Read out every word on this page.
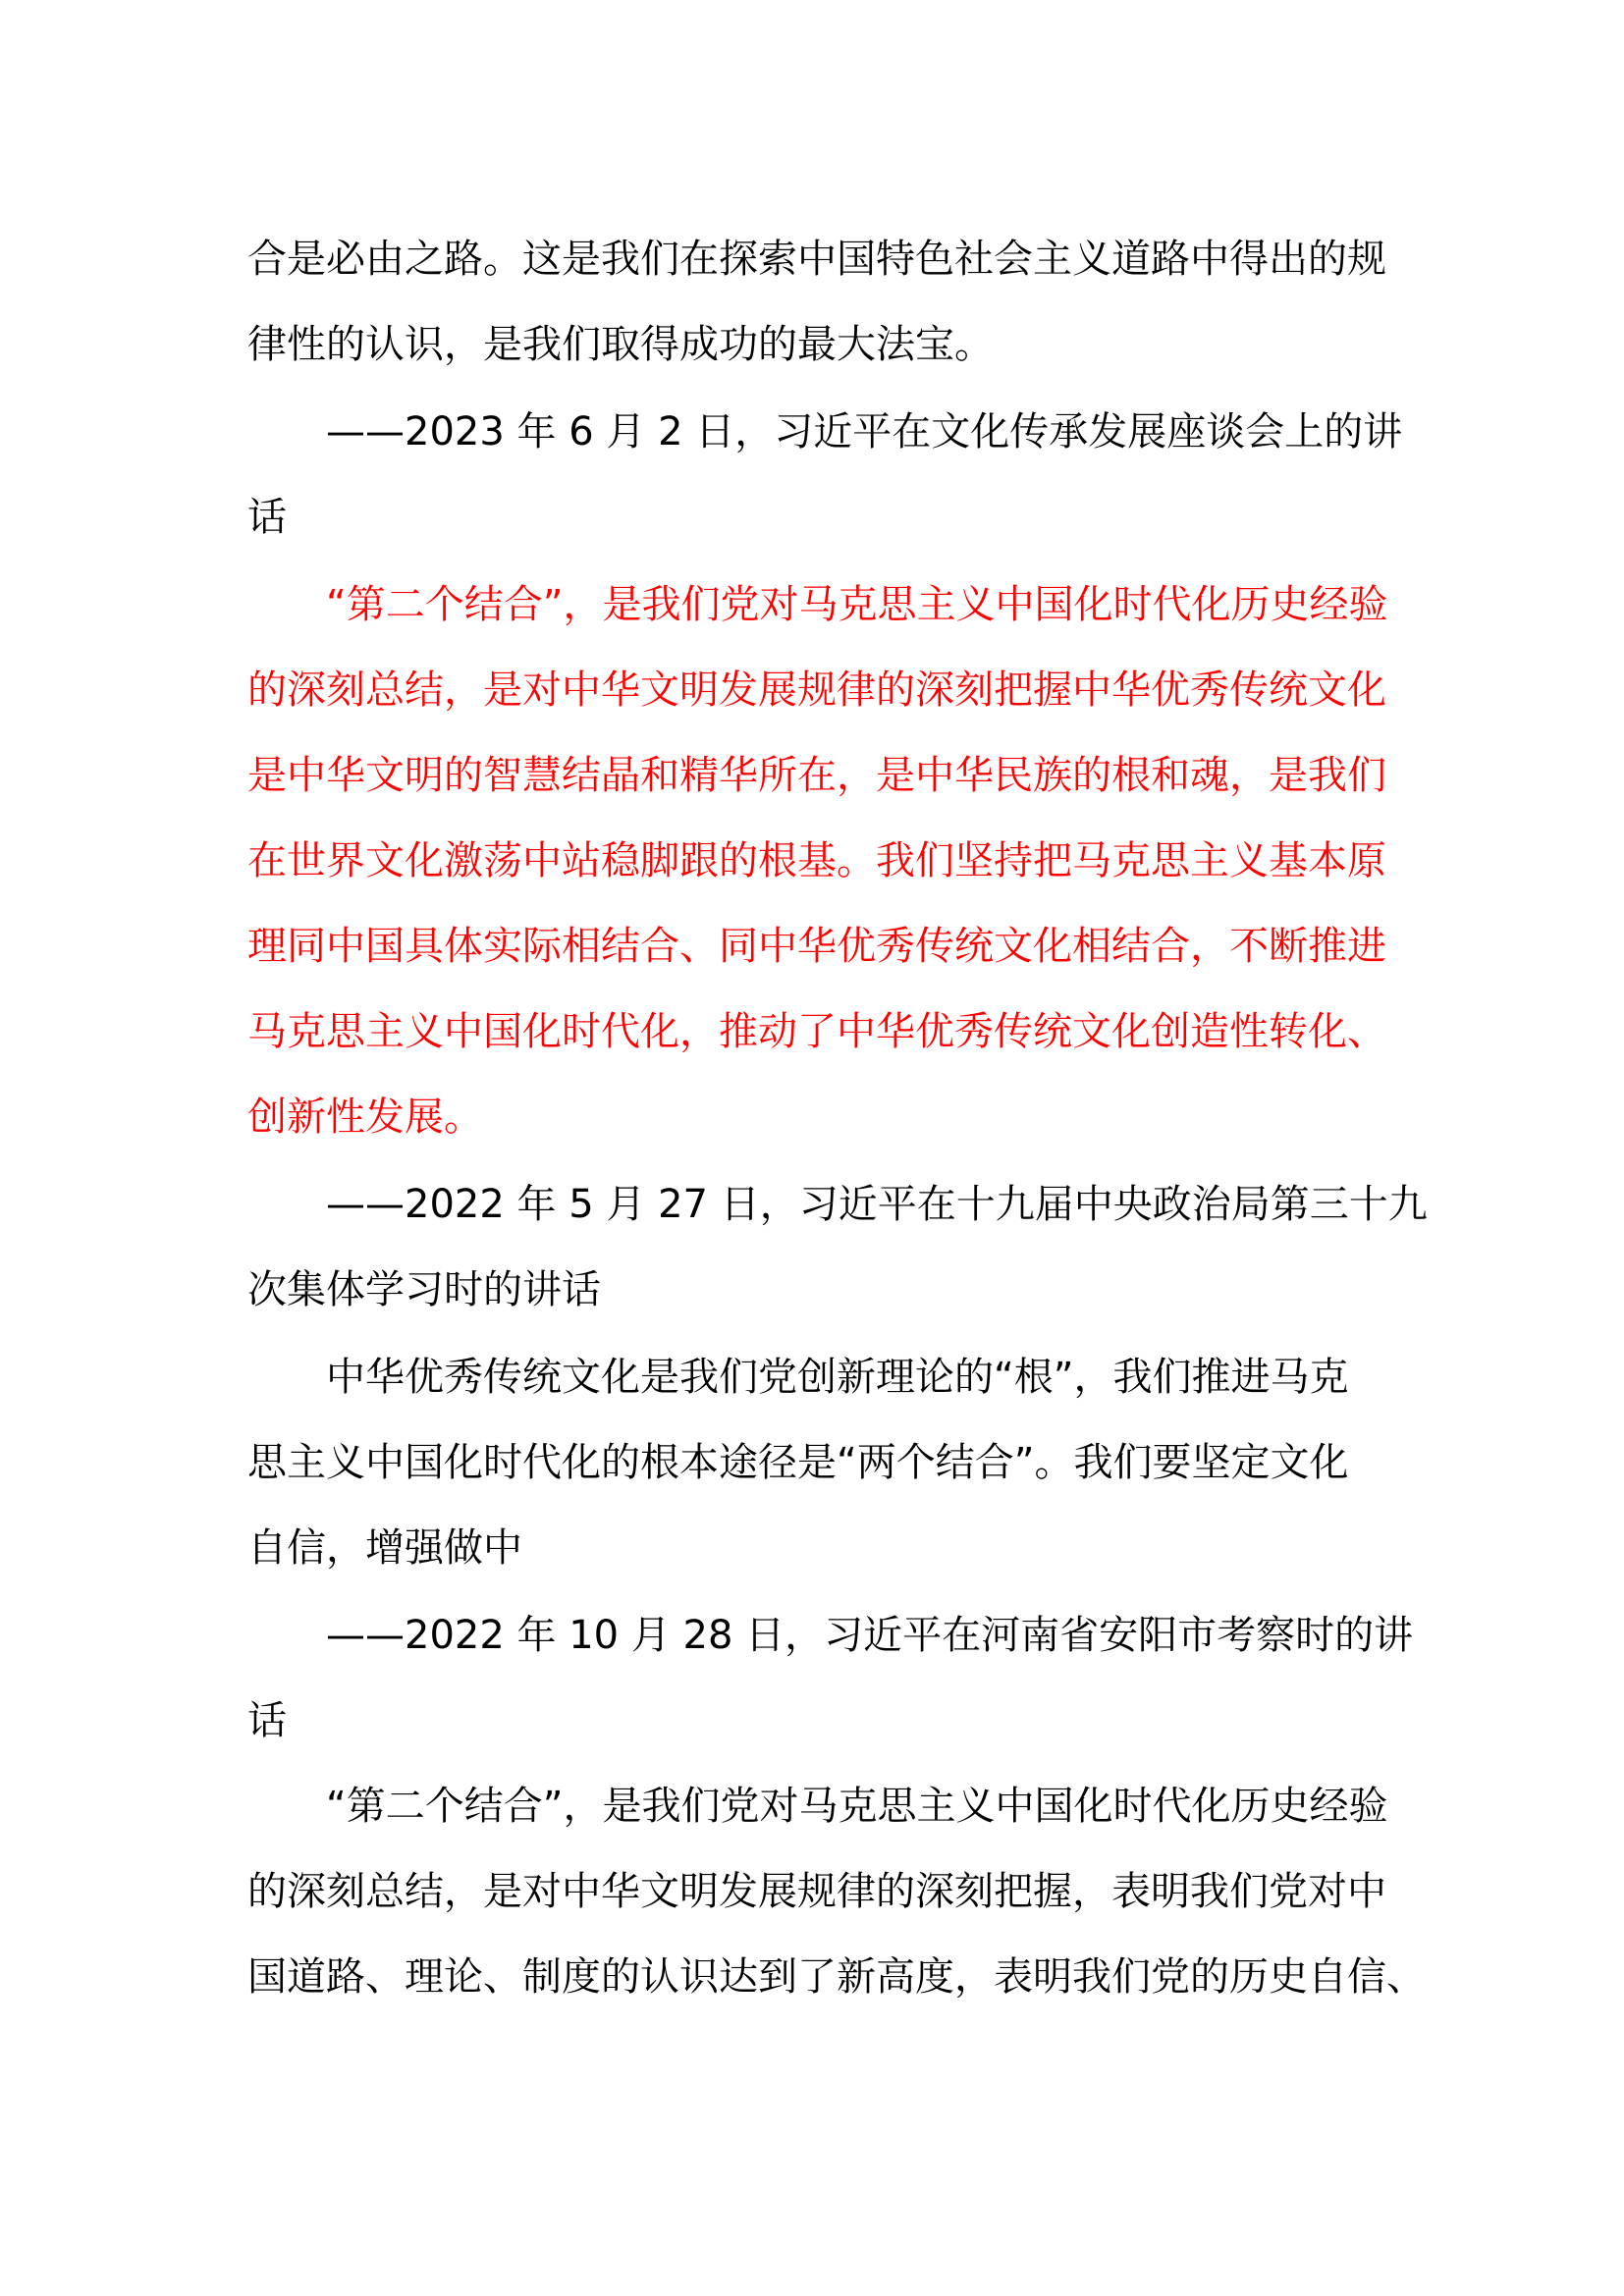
合是必由之路。这是我们在探索中国特色社会主义道路中得出的规
律性的认识，是我们取得成功的最大法宝。
　　——2023 年 6 月 2 日，习近平在文化传承发展座谈会上的讲
话
　　“第二个结合”，是我们党对马克思主义中国化时代化历史经验
的深刻总结，是对中华文明发展规律的深刻把握中华优秀传统文化
是中华文明的智慧结晶和精华所在，是中华民族的根和魂，是我们
在世界文化激荡中站稳脚跟的根基。我们坚持把马克思主义基本原
理同中国具体实际相结合、同中华优秀传统文化相结合，不断推进
马克思主义中国化时代化，推动了中华优秀传统文化创造性转化、
创新性发展。
　　——2022 年 5 月 27 日，习近平在十九届中央政治局第三十九
次集体学习时的讲话
　　中华优秀传统文化是我们党创新理论的“根”，我们推进马克
思主义中国化时代化的根本途径是“两个结合”。我们要坚定文化
自信，增强做中
　　——2022 年 10 月 28 日，习近平在河南省安阳市考察时的讲
话
　　“第二个结合”，是我们党对马克思主义中国化时代化历史经验
的深刻总结，是对中华文明发展规律的深刻把握，表明我们党对中
国道路、理论、制度的认识达到了新高度，表明我们党的历史自信、
